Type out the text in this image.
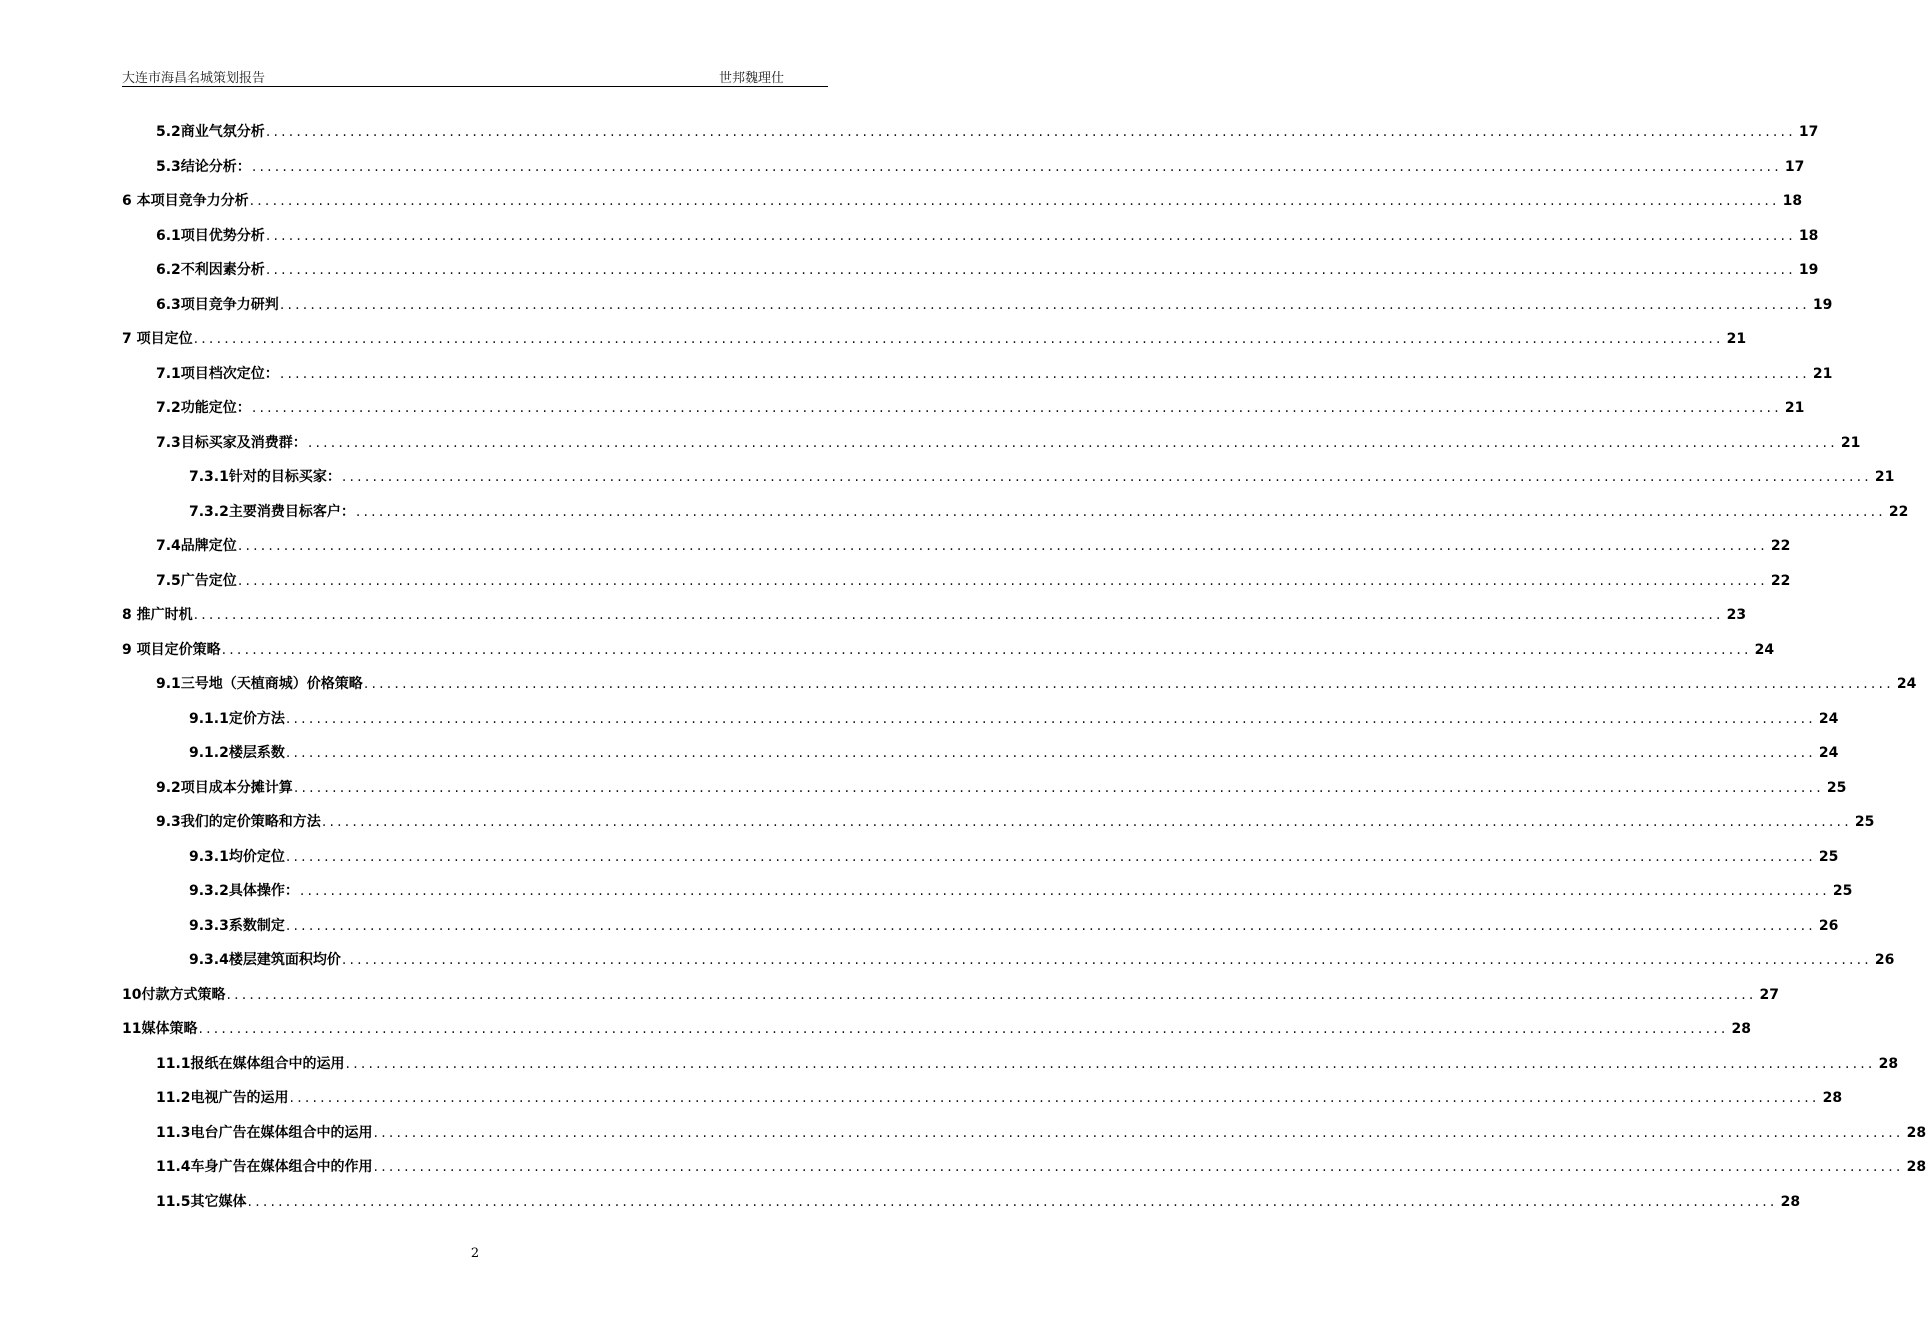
大连市海昌名城策划报告	世邦魏理仕
5.2商业气氛分析 ........................................................................................................................................................................................................ 17
5.3结论分析： ........................................................................................................................................................................................................ 17
6 本项目竞争力分析 ........................................................................................................................................................................................................ 18
6.1项目优势分析 ........................................................................................................................................................................................................ 18
6.2不利因素分析 ........................................................................................................................................................................................................ 19
6.3项目竞争力研判 ........................................................................................................................................................................................................ 19
7 项目定位 ........................................................................................................................................................................................................ 21
7.1项目档次定位： ........................................................................................................................................................................................................ 21
7.2功能定位： ........................................................................................................................................................................................................ 21
7.3目标买家及消费群： ........................................................................................................................................................................................................ 21
7.3.1针对的目标买家： ........................................................................................................................................................................................................ 21
7.3.2主要消费目标客户： ........................................................................................................................................................................................................ 22
7.4品牌定位 ........................................................................................................................................................................................................ 22
7.5广告定位 ........................................................................................................................................................................................................ 22
8 推广时机 ........................................................................................................................................................................................................ 23
9 项目定价策略 ........................................................................................................................................................................................................ 24
9.1三号地（天植商城）价格策略 ........................................................................................................................................................................................................ 24
9.1.1定价方法 ........................................................................................................................................................................................................ 24
9.1.2楼层系数 ........................................................................................................................................................................................................ 24
9.2项目成本分摊计算 ........................................................................................................................................................................................................ 25
9.3我们的定价策略和方法 ........................................................................................................................................................................................................ 25
9.3.1均价定位 ........................................................................................................................................................................................................ 25
9.3.2具体操作： ........................................................................................................................................................................................................ 25
9.3.3系数制定 ........................................................................................................................................................................................................ 26
9.3.4楼层建筑面积均价 ........................................................................................................................................................................................................ 26
10付款方式策略 ........................................................................................................................................................................................................ 27
11媒体策略 ........................................................................................................................................................................................................ 28
11.1报纸在媒体组合中的运用 ........................................................................................................................................................................................................ 28
11.2电视广告的运用 ........................................................................................................................................................................................................ 28
11.3电台广告在媒体组合中的运用 ........................................................................................................................................................................................................ 28
11.4车身广告在媒体组合中的作用 ........................................................................................................................................................................................................ 28
11.5其它媒体 ........................................................................................................................................................................................................ 28
2
